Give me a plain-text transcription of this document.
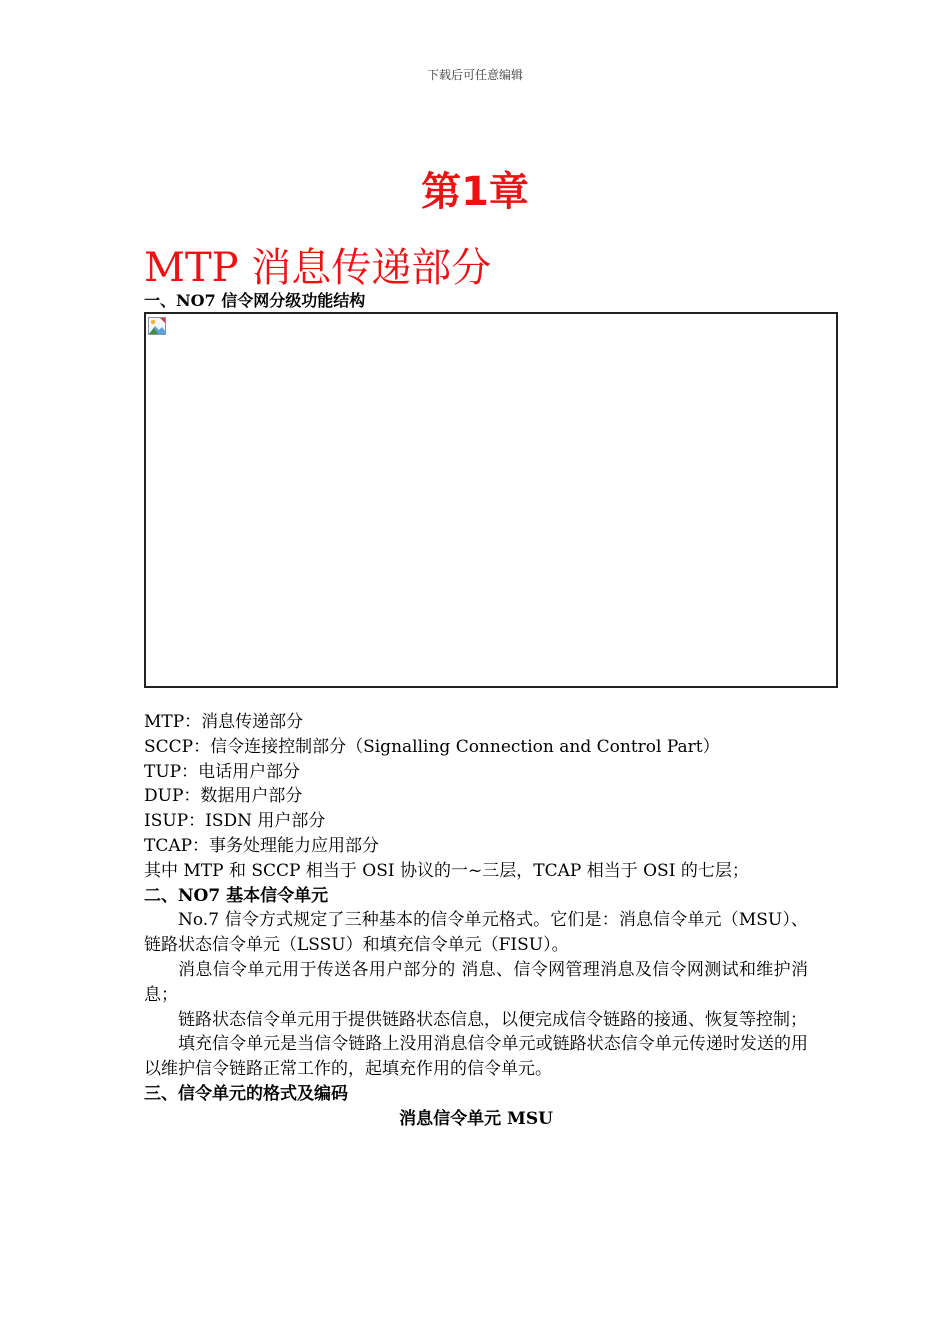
下载后可任意编辑
第1章
MTP 消息传递部分
一、NO7 信令网分级功能结构
MTP：消息传递部分
SCCP：信令连接控制部分（Signalling Connection and Control Part）
TUP：电话用户部分
DUP：数据用户部分
ISUP：ISDN 用户部分
TCAP：事务处理能力应用部分
其中 MTP 和 SCCP 相当于 OSI 协议的一~三层，TCAP 相当于 OSI 的七层；
二、NO7 基本信令单元
No.7 信令方式规定了三种基本的信令单元格式。它们是：消息信令单元（MSU）、链路状态信令单元（LSSU）和填充信令单元（FISU）。
消息信令单元用于传送各用户部分的 消息、信令网管理消息及信令网测试和维护消息；
链路状态信令单元用于提供链路状态信息，以便完成信令链路的接通、恢复等控制；
填充信令单元是当信令链路上没用消息信令单元或链路状态信令单元传递时发送的用以维护信令链路正常工作的，起填充作用的信令单元。
三、信令单元的格式及编码
消息信令单元 MSU
